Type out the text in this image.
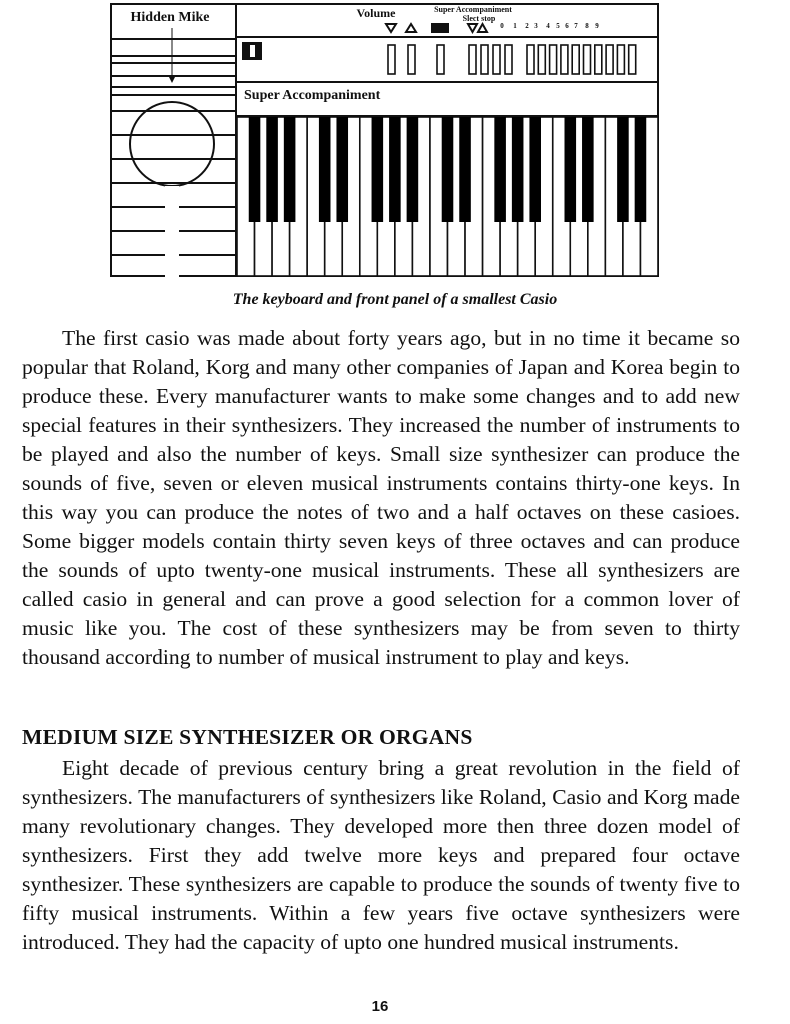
Hidden Mike	Volume	Super Accompaniment
Slect stop
0 1 2 3 4 5 6 7 8 9
Super Accompaniment
The keyboard and front panel of a smallest Casio

The first casio was made about forty years ago, but in no time it became so popular that Roland, Korg and many other companies of Japan and Korea begin to produce these. Every manufacturer wants to make some changes and to add new special features in their synthesizers. They increased the number of instruments to be played and also the number of keys. Small size synthesizer can produce the sounds of five, seven or eleven musical instruments contains thirty-one keys. In this way you can produce the notes of two and a half octaves on these casioes. Some bigger models contain thirty seven keys of three octaves and can produce the sounds of upto twenty-one musical instruments. These all synthesizers are called casio in general and can prove a good selection for a common lover of music like you. The cost of these synthesizers may be from seven to thirty thousand according to number of musical instrument to play and keys.

MEDIUM SIZE SYNTHESIZER OR ORGANS

Eight decade of previous century bring a great revolution in the field of synthesizers. The manufacturers of synthesizers like Roland, Casio and Korg made many revolutionary changes. They developed more then three dozen model of synthesizers. First they add twelve more keys and prepared four octave synthesizer. These synthesizers are capable to produce the sounds of twenty five to fifty musical instruments. Within a few years five octave synthesizers were introduced. They had the capacity of upto one hundred musical instruments.

16
